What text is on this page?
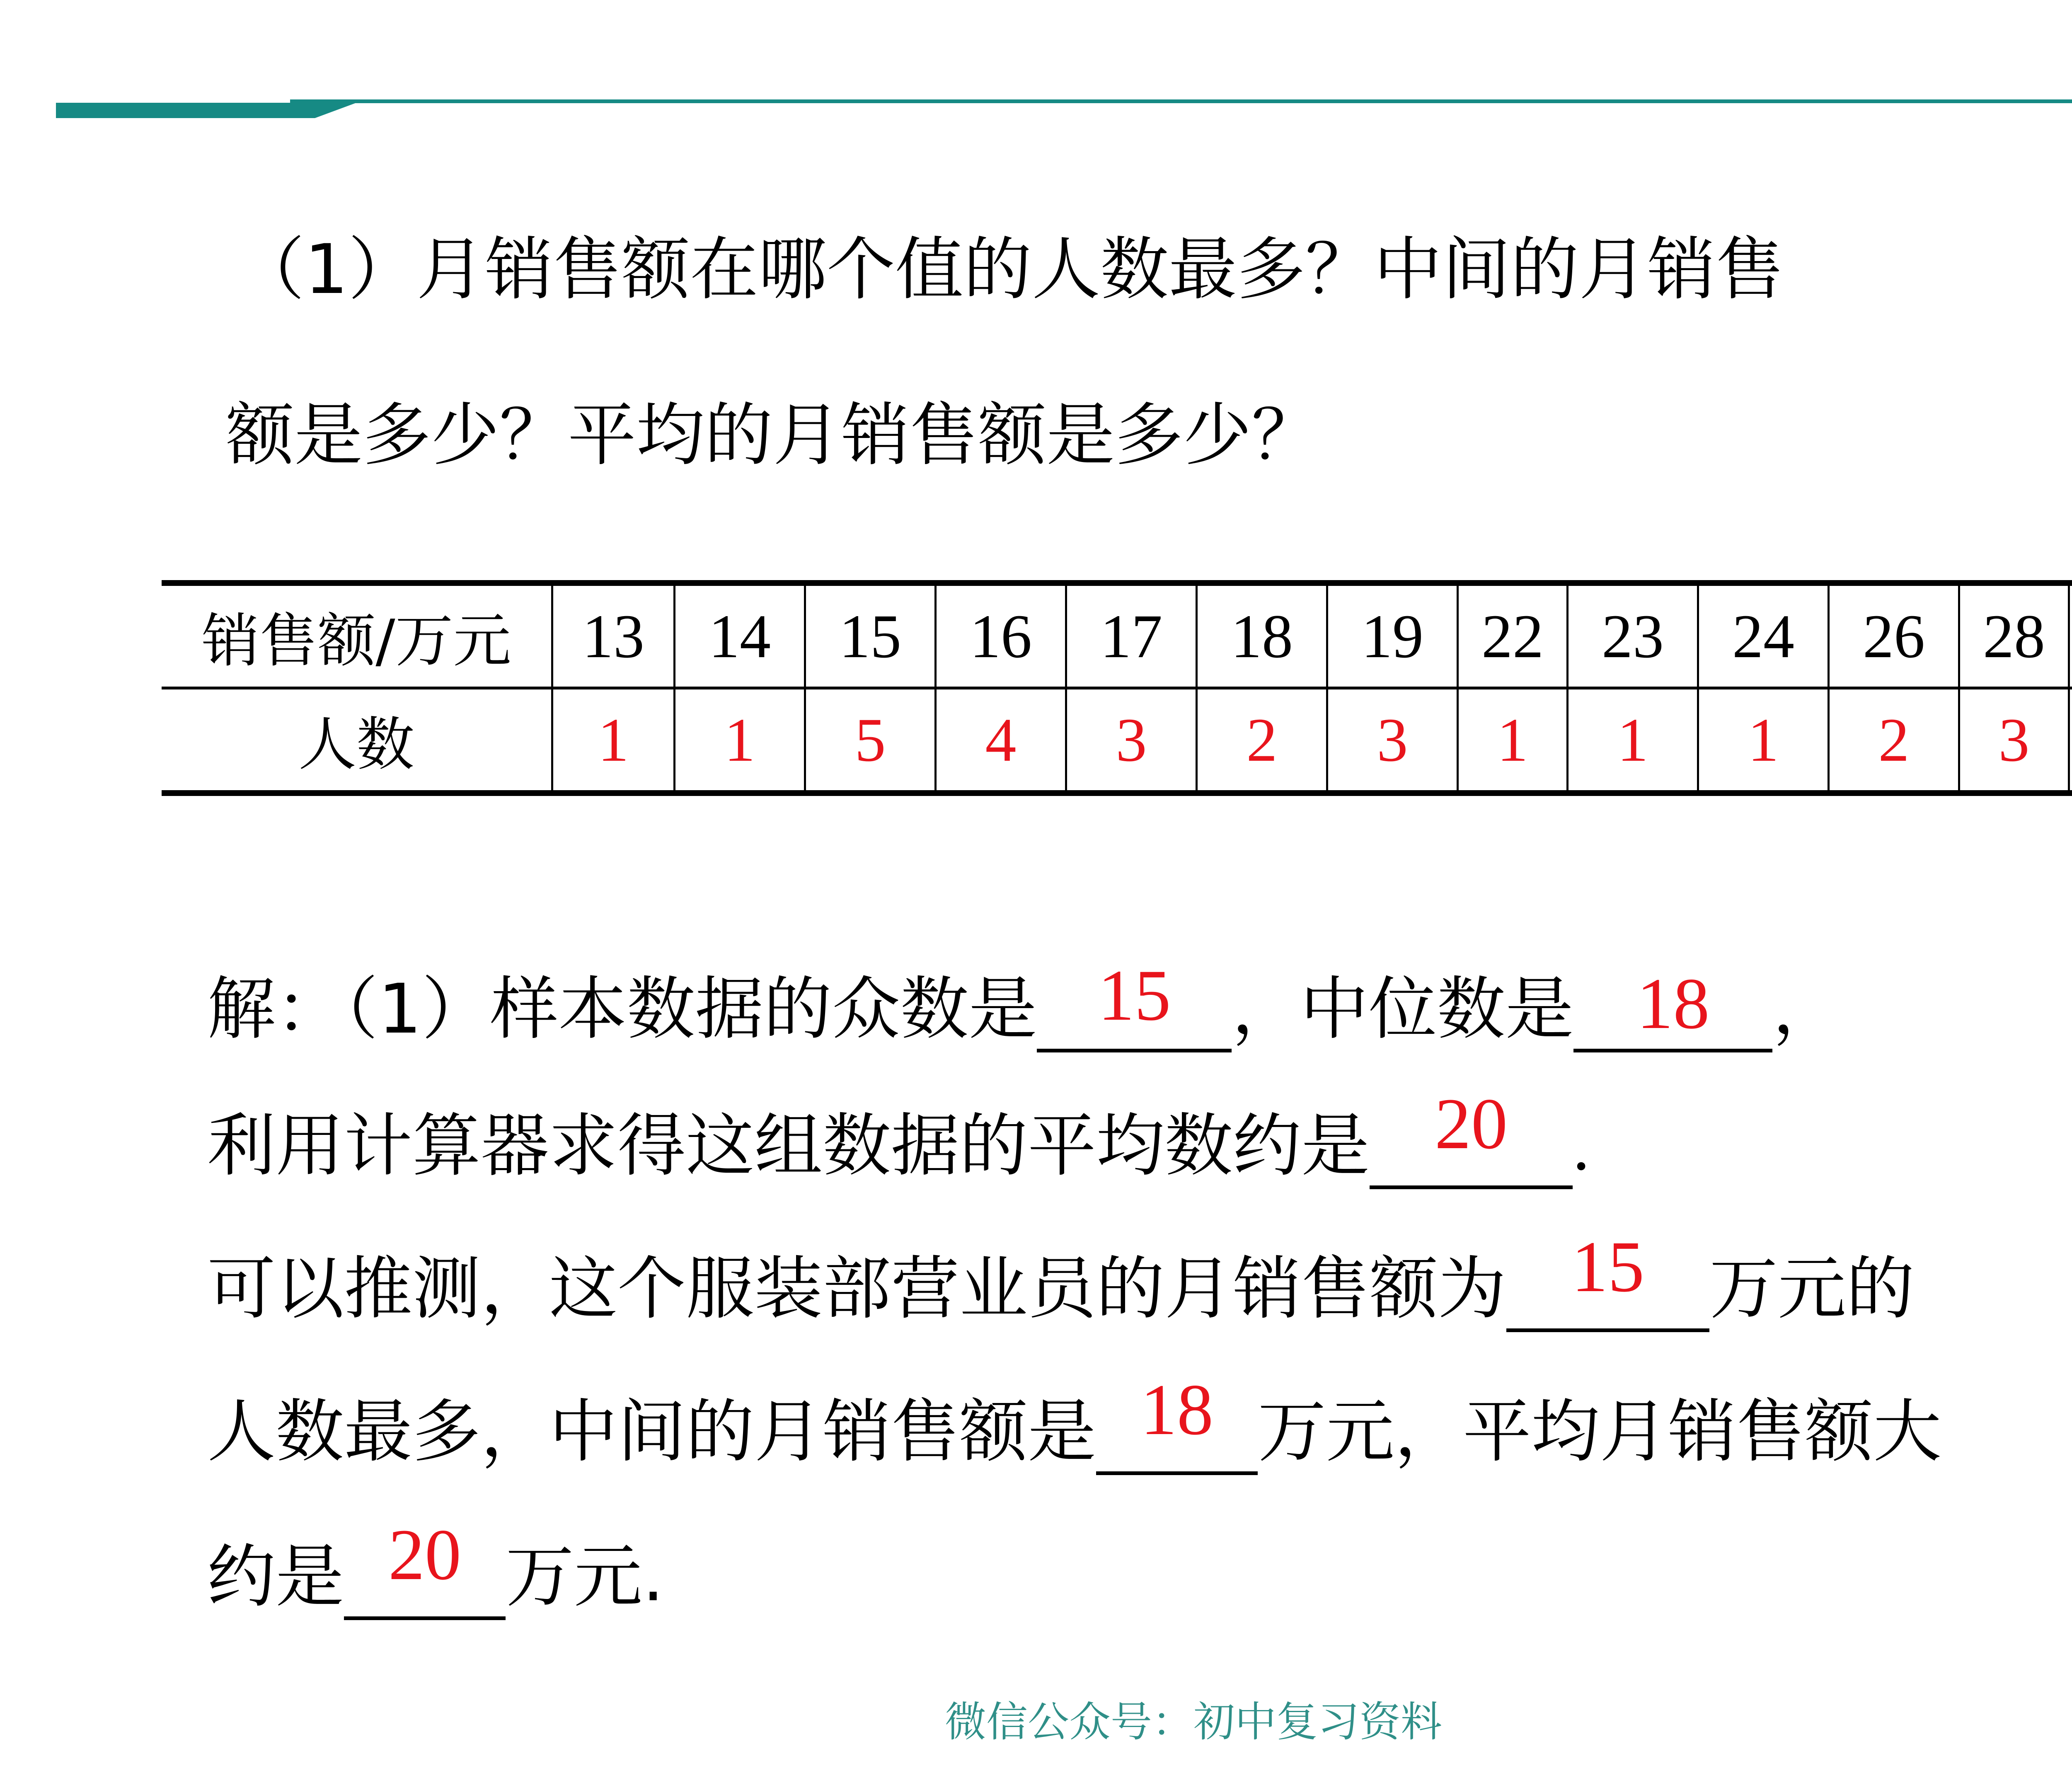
（1）月销售额在哪个值的人数最多？中间的月销售
额是多少？平均的月销售额是多少？
销售额/万元	13	14	15	16	17	18	19	22	23	24	26	28		
人数	1	1	5	4	3	2	3	1	1	1	2	3		
解：（1）样本数据的众数是 15 ，中位数是 18 ，
利用计算器求得这组数据的平均数约是 20 .
可以推测，这个服装部营业员的月销售额为 15 万元的
人数最多，中间的月销售额是 18 万元，平均月销售额大
约是 20 万元.
微信公众号：初中复习资料
